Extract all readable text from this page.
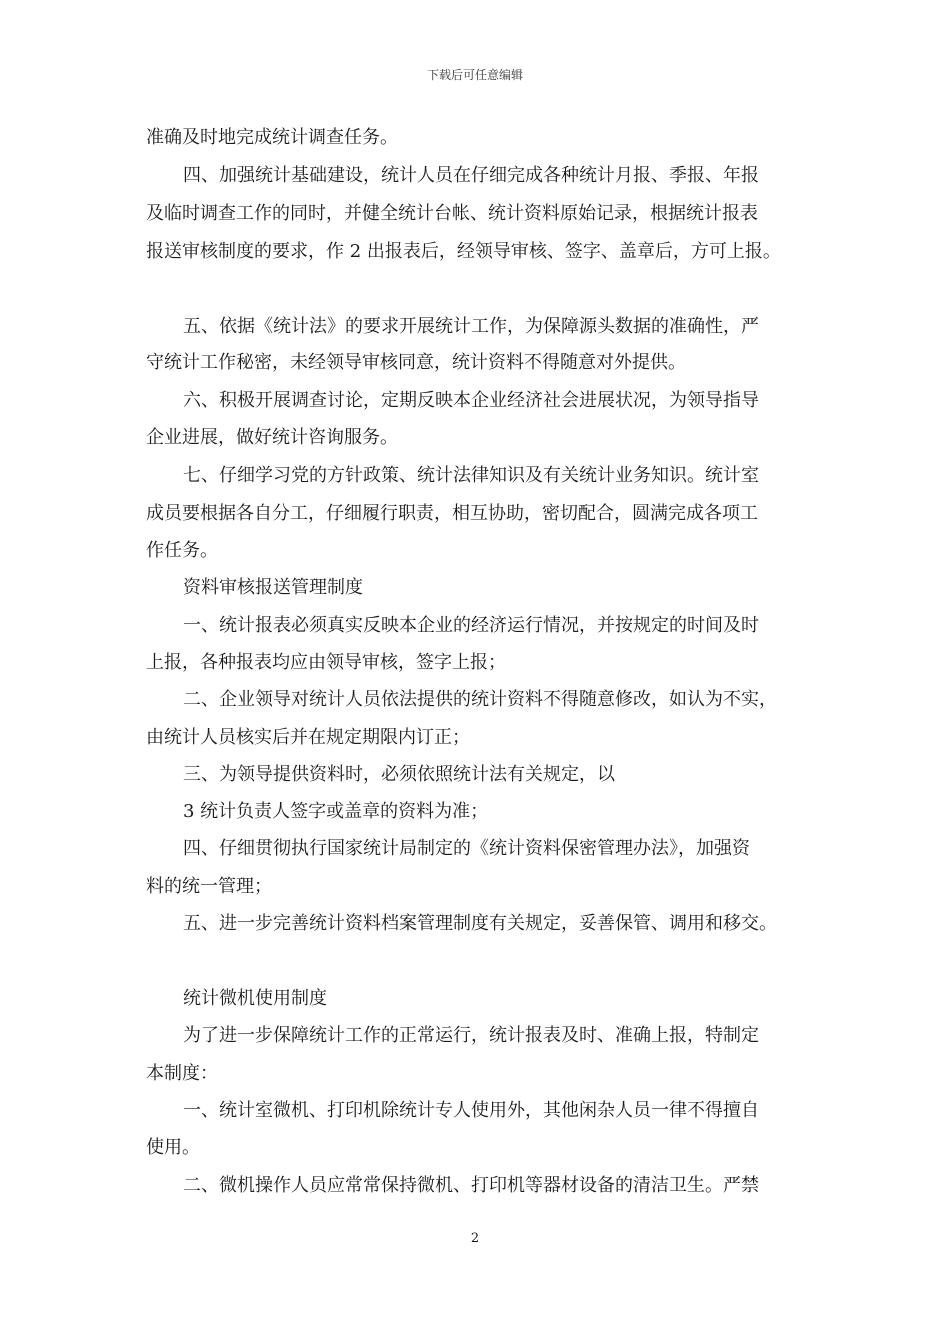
下载后可任意编辑
准确及时地完成统计调查任务。
四、加强统计基础建设，统计人员在仔细完成各种统计月报、季报、年报
及临时调查工作的同时，并健全统计台帐、统计资料原始记录，根据统计报表
报送审核制度的要求，作 2 出报表后，经领导审核、签字、盖章后，方可上报。
五、依据《统计法》的要求开展统计工作，为保障源头数据的准确性，严
守统计工作秘密，未经领导审核同意，统计资料不得随意对外提供。
六、积极开展调查讨论，定期反映本企业经济社会进展状况，为领导指导
企业进展，做好统计咨询服务。
七、仔细学习党的方针政策、统计法律知识及有关统计业务知识。统计室
成员要根据各自分工，仔细履行职责，相互协助，密切配合，圆满完成各项工
作任务。
资料审核报送管理制度
一、统计报表必须真实反映本企业的经济运行情况，并按规定的时间及时
上报，各种报表均应由领导审核，签字上报；
二、企业领导对统计人员依法提供的统计资料不得随意修改，如认为不实，
由统计人员核实后并在规定期限内订正；
三、为领导提供资料时，必须依照统计法有关规定，以
3 统计负责人签字或盖章的资料为准；
四、仔细贯彻执行国家统计局制定的《统计资料保密管理办法》，加强资
料的统一管理；
五、进一步完善统计资料档案管理制度有关规定，妥善保管、调用和移交。
统计微机使用制度
为了进一步保障统计工作的正常运行，统计报表及时、准确上报，特制定
本制度：
一、统计室微机、打印机除统计专人使用外，其他闲杂人员一律不得擅自
使用。
二、微机操作人员应常常保持微机、打印机等器材设备的清洁卫生。严禁
2
